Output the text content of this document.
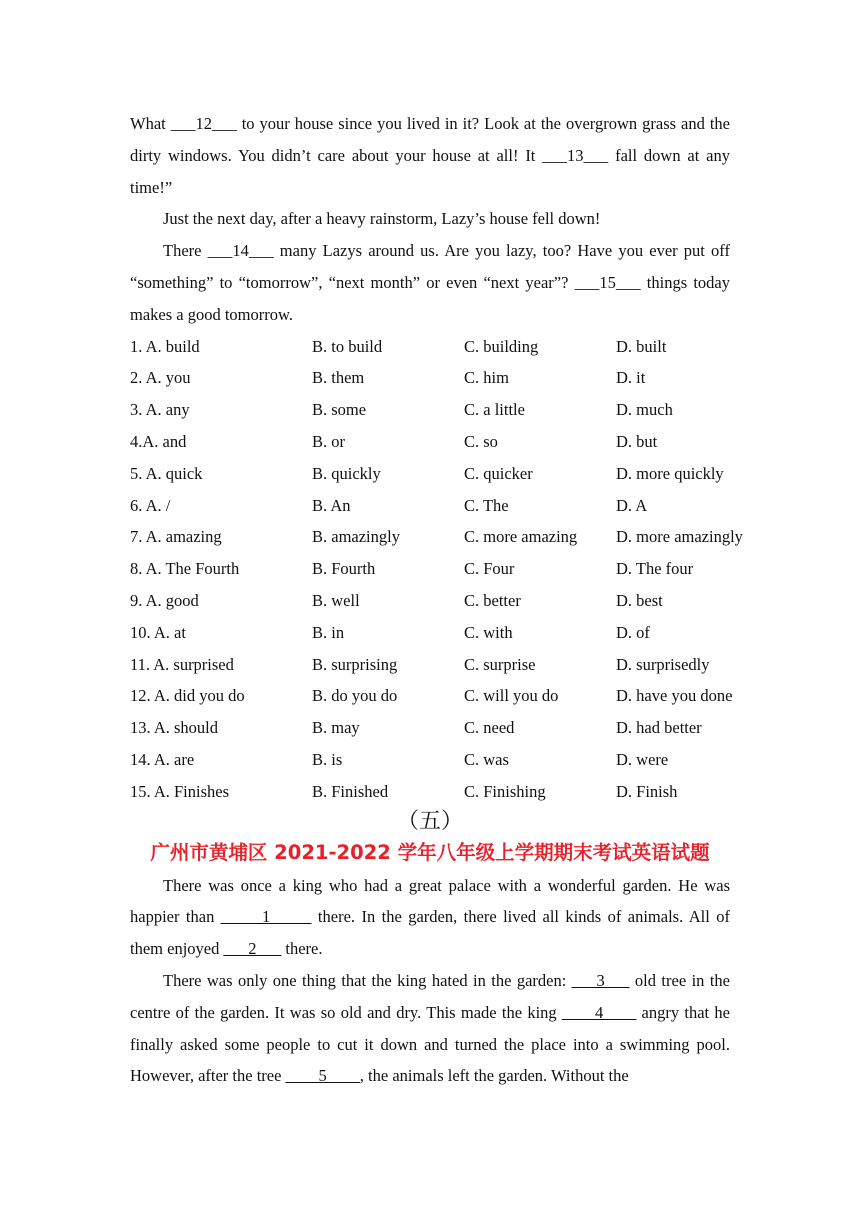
What ___12___ to your house since you lived in it? Look at the overgrown grass and the dirty windows. You didn’t care about your house at all! It ___13___ fall down at any time!”

Just the next day, after a heavy rainstorm, Lazy’s house fell down!

There ___14___ many Lazys around us. Are you lazy, too? Have you ever put off “something” to “tomorrow”, “next month” or even “next year”? ___15___ things today makes a good tomorrow.

1. A. build	B. to build	C. building	D. built
2. A. you	B. them	C. him	D. it
3. A. any	B. some	C. a little	D. much
4.A. and	B. or	C. so	D. but
5. A. quick	B. quickly	C. quicker	D. more quickly
6. A. /	B. An	C. The	D. A
7. A. amazing	B. amazingly	C. more amazing D. more amazingly
8. A. The Fourth	B. Fourth	C. Four	D. The four
9. A. good	B. well	C. better	D. best
10. A. at	B. in	C. with	D. of
11. A. surprised	B. surprising	C. surprise	D. surprisedly
12. A. did you do	B. do you do	C. will you do	D. have you done
13. A. should	B. may	C. need	D. had better
14. A. are	B. is	C. was	D. were
15. A. Finishes	B. Finished	C. Finishing	D. Finish
（五）
广州市黄埔区 2021-2022 学年八年级上学期期末考试英语试题

There was once a king who had a great palace with a wonderful garden. He was happier than _____1_____ there. In the garden, there lived all kinds of animals. All of them enjoyed ___2___ there.

There was only one thing that the king hated in the garden: ___3___ old tree in the centre of the garden. It was so old and dry. This made the king ____4____ angry that he finally asked some people to cut it down and turned the place into a swimming pool. However, after the tree ____5____, the animals left the garden. Without the
